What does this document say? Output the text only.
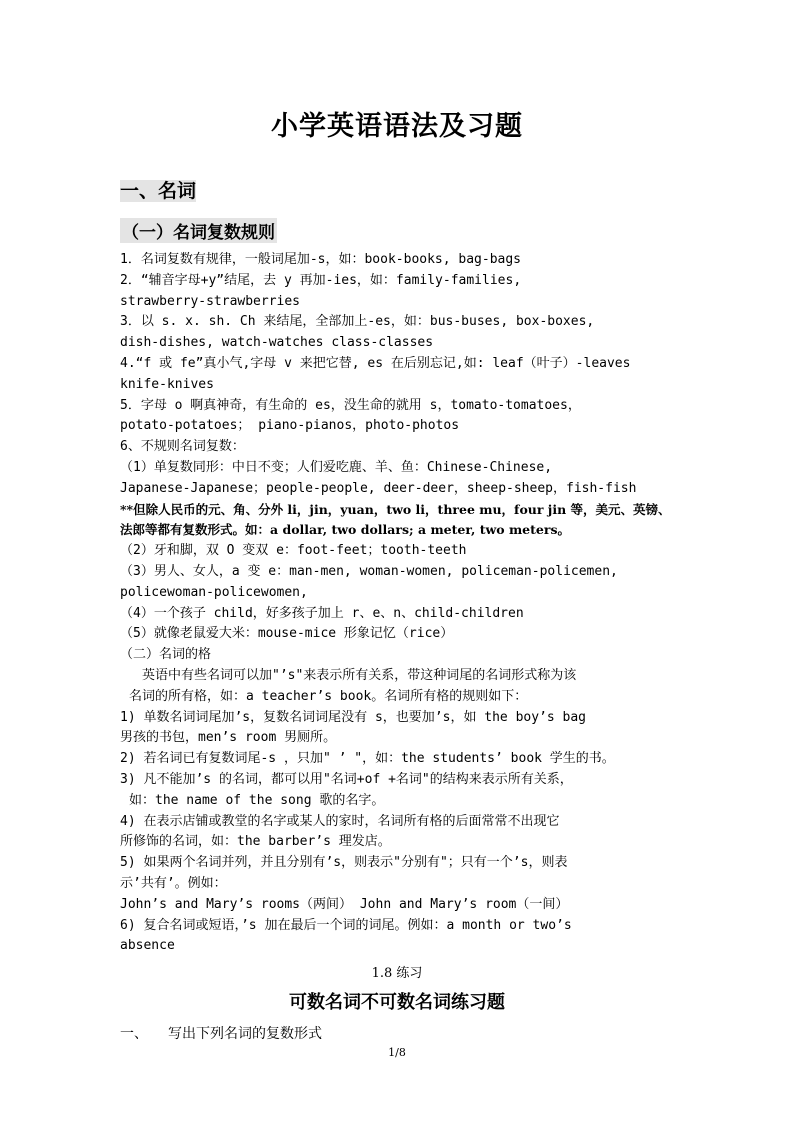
小学英语语法及习题
一、名词
（一）名词复数规则
1．名词复数有规律，一般词尾加-s，如：book-books, bag-bags
2．“辅音字母+y”结尾，去 y 再加-ies，如：family-families,
strawberry-strawberries
3．以 s. x. sh. Ch 来结尾，全部加上-es，如：bus-buses, box-boxes,
dish-dishes, watch-watches class-classes
4.“f 或 fe”真小气,字母 v 来把它替, es 在后别忘记,如: leaf（叶子）-leaves
knife-knives
5．字母 o 啊真神奇，有生命的 es，没生命的就用 s，tomato-tomatoes，
potato-potatoes； piano-pianos，photo-photos
6、不规则名词复数：
（1）单复数同形：中日不变；人们爱吃鹿、羊、鱼：Chinese-Chinese,
Japanese-Japanese；people-people, deer-deer，sheep-sheep，fish-fish
**但除人民币的元、角、分外 li，jin，yuan，two li，three mu，four jin 等，美元、英镑、
法郎等都有复数形式。如：a dollar, two dollars; a meter, two meters。
（2）牙和脚，双 O 变双 e：foot-feet；tooth-teeth
（3）男人、女人，a 变 e：man-men, woman-women, policeman-policemen,
policewoman-policewomen,
（4）一个孩子 child，好多孩子加上 r、e、n、child-children
（5）就像老鼠爱大米：mouse-mice 形象记忆（rice）
（二）名词的格
英语中有些名词可以加"’s"来表示所有关系，带这种词尾的名词形式称为该
名词的所有格，如：a teacher’s book。名词所有格的规则如下：
1) 单数名词词尾加’s，复数名词词尾没有 s，也要加’s，如 the boy’s bag
男孩的书包，men’s room 男厕所。
2) 若名词已有复数词尾-s ，只加" ’ "，如：the students’ book 学生的书。
3) 凡不能加’s 的名词，都可以用"名词+of +名词"的结构来表示所有关系，
如：the name of the song 歌的名字。
4) 在表示店铺或教堂的名字或某人的家时，名词所有格的后面常常不出现它
所修饰的名词，如：the barber’s 理发店。
5) 如果两个名词并列，并且分别有’s，则表示"分别有"；只有一个’s，则表
示’共有’。例如：
John’s and Mary’s rooms（两间） John and Mary’s room（一间）
6) 复合名词或短语，’s 加在最后一个词的词尾。例如：a month or two’s
absence
1.8 练习
可数名词不可数名词练习题
一、 写出下列名词的复数形式
1/8
